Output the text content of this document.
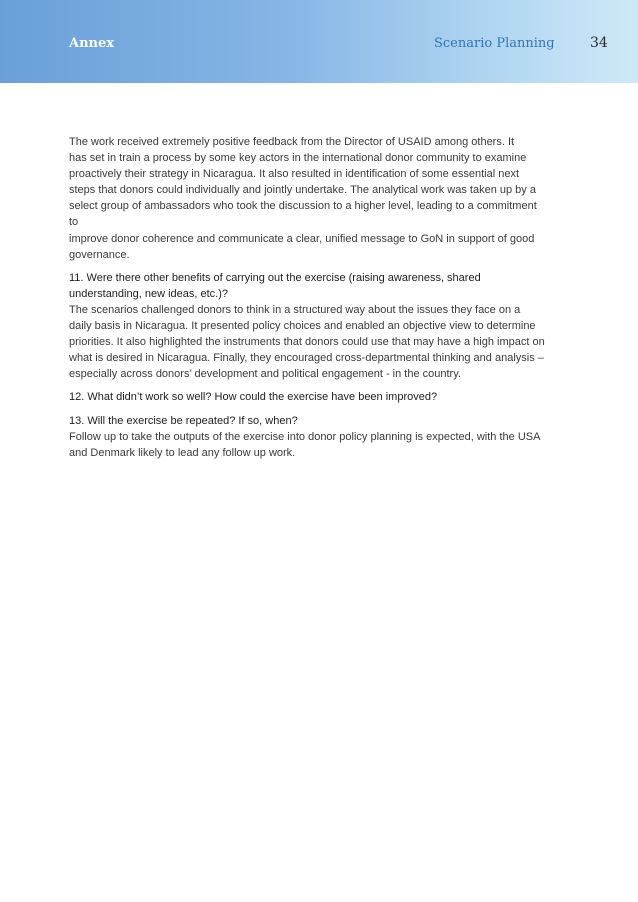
Annex	Scenario Planning	34

The work received extremely positive feedback from the Director of USAID among others. It
has set in train a process by some key actors in the international donor community to examine
proactively their strategy in Nicaragua. It also resulted in identification of some essential next
steps that donors could individually and jointly undertake. The analytical work was taken up by a
select group of ambassadors who took the discussion to a higher level, leading to a commitment to
improve donor coherence and communicate a clear, unified message to GoN in support of good
governance.

11. Were there other benefits of carrying out the exercise (raising awareness, shared
understanding, new ideas, etc.)?

The scenarios challenged donors to think in a structured way about the issues they face on a
daily basis in Nicaragua. It presented policy choices and enabled an objective view to determine
priorities. It also highlighted the instruments that donors could use that may have a high impact on
what is desired in Nicaragua. Finally, they encouraged cross-departmental thinking and analysis –
especially across donors’ development and political engagement - in the country.

12. What didn’t work so well? How could the exercise have been improved?

13. Will the exercise be repeated? If so, when?

Follow up to take the outputs of the exercise into donor policy planning is expected, with the USA
and Denmark likely to lead any follow up work.
